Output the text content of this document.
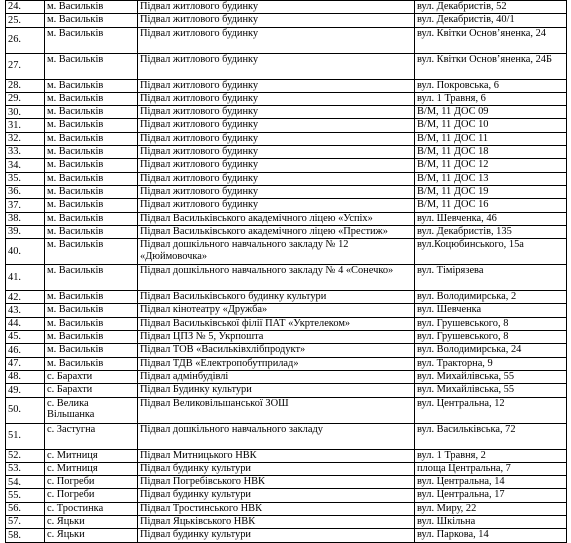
24.	м. Васильків	Підвал житлового будинку	вул. Декабристів, 52
25.	м. Васильків	Підвал житлового будинку	вул. Декабристів, 40/1
26.	м. Васильків	Підвал житлового будинку	вул. Квітки Основ’яненка, 24
27.	м. Васильків	Підвал житлового будинку	вул. Квітки Основ’яненка, 24Б
28.	м. Васильків	Підвал житлового будинку	вул. Покровська, 6
29.	м. Васильків	Підвал житлового будинку	вул. 1 Травня, 6
30.	м. Васильків	Підвал житлового будинку	В/М, 11 ДОС 09
31.	м. Васильків	Підвал житлового будинку	В/М, 11 ДОС 10
32.	м. Васильків	Підвал житлового будинку	В/М, 11 ДОС 11
33.	м. Васильків	Підвал житлового будинку	В/М, 11 ДОС 18
34.	м. Васильків	Підвал житлового будинку	В/М, 11 ДОС 12
35.	м. Васильків	Підвал житлового будинку	В/М, 11 ДОС 13
36.	м. Васильків	Підвал житлового будинку	В/М, 11 ДОС 19
37.	м. Васильків	Підвал житлового будинку	В/М, 11 ДОС 16
38.	м. Васильків	Підвал Васильківського академічного ліцею «Успіх»	вул. Шевченка, 46
39.	м. Васильків	Підвал Васильківського академічного ліцею «Престиж»	вул. Декабристів, 135
40.	м. Васильків	Підвал дошкільного навчального закладу № 12 «Дюймовочка»	вул.Коцюбинського, 15а
41.	м. Васильків	Підвал дошкільного навчального закладу № 4 «Сонечко»	вул. Тімірязева
42.	м. Васильків	Підвал Васильківського будинку культури	вул. Володимирська, 2
43.	м. Васильків	Підвал кінотеатру «Дружба»	вул. Шевченка
44.	м. Васильків	Підвал Васильківської філії ПАТ «Укртелеком»	вул. Грушевського, 8
45.	м. Васильків	Підвал ЦПЗ № 5, Укрпошта	вул. Грушевського, 8
46.	м. Васильків	Підвал ТОВ «Васильківхлібпродукт»	вул. Володимирська, 24
47.	м. Васильків	Підвал ТДВ «Електропобутприлад»	вул. Тракторна, 9
48.	с. Барахти	Підвал адмінбудівлі	вул. Михайлівська, 55
49.	с. Барахти	Підвал Будинку культури	вул. Михайлівська, 55
50.	с. Велика Вільшанка	Підвал Великовільшанської ЗОШ	вул. Центральна, 12
51.	с. Застугна	Підвал дошкільного навчального закладу	вул. Васильківська, 72
52.	с. Митниця	Підвал Митницького НВК	вул. 1 Травня, 2
53.	с. Митниця	Підвал будинку культури	площа Центральна, 7
54.	с. Погреби	Підвал Погребівського НВК	вул. Центральна, 14
55.	с. Погреби	Підвал будинку культури	вул. Центральна, 17
56.	с. Тростинка	Підвал Тростинського НВК	вул. Миру, 22
57.	с. Яцьки	Підвал Яцьківського НВК	вул. Шкільна
58.	с. Яцьки	Підвал будинку культури	вул. Паркова, 14
